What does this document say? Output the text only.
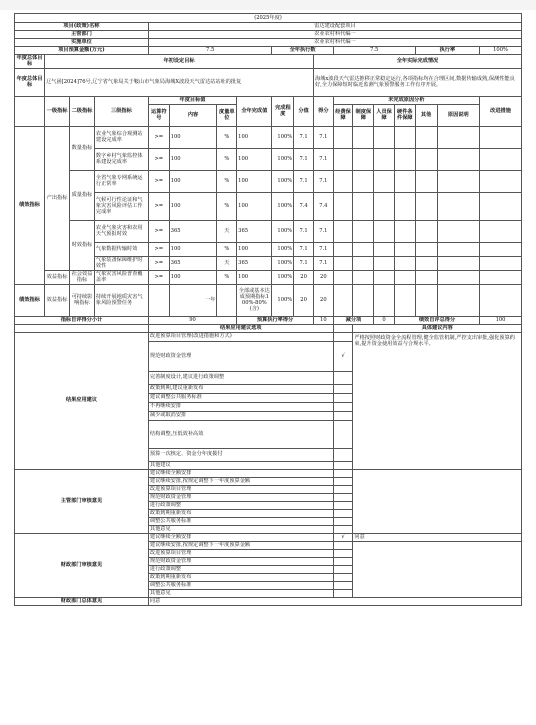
(2025年度)																	
项目(政策)名称				雷达建设配套项目													
主管部门				农业农村科代编一													
实施单位				农业农村科代编一													
项目预算金额(万元)				7.5				全年执行数			7.5				执行率		100%
年度总体目标	年初设定目标									全年实际完成情况							
年度总体目标	辽气函[2024]76号,辽宁省气象局关于鞍山市气象局海城X波段天气雷达站站址的批复									海城x波段天气雷达推移正常稳定运行,各项指标均在合理区间,数据传输成熟,保测性能良好,全力保障短时临近监测气象预警服务工作有序开展。							
	一级指标	二级指标	三级指标	年度目标值			全年完成值	完成程度	分值	得分	未完成原因分析						改进措施
				运算符号	内容	度量单位					经费保障	制度保障	人员保障	硬件条件保障	其他	原因说明	
绩效指标	产出指标	数量指标	农业气象综合观测站建设完成率	>=	100	%	100	100%	7.1	7.1							
			数字乡村气象监控体系建设完成率	>=	100	%	100	100%	7.1	7.1							
		质量指标	全省气象专网系统运行正常率	>=	100	%	100	100%	7.1	7.1							
			气候可行性论证和气象灾害风险评估工作完成率	>=	100	%	100	100%	7.4	7.4							
		时效指标	农业气象灾害和农用天气预报时效	>=	365	天	365	100%	7.1	7.1							
			气象数据传输时效	>=	100	%	100	100%	7.1	7.1							
			气象装备保障维护时效性	>=	365	天	365	100%	7.1	7.1							
	效益指标	社会效益指标	气象灾害风险普查覆盖率	>=	100	%	100	100%	20	20							
绩效指标	效益指标	可持续影响指标	持续开展地质灾害气象风险预警任务		一年		全部或基本达成预期指标100%-80%(含)	100%	20	20							
指标自评得分小计				90			预算执行率得分			10	减分项		0	绩效自评总得分			100
				结果应用建议选项								具体建议内容					
结果应用建议				改进预算项目管理(改进措施和方式)								严格按照财政资金全流程管理,健全监管机制,严控支出审批,强化预算约束,提升资金使用效益与合规水平。					
				规范财政资金管理							√						
				完善制度设计,建议进行政策调整													
				政策到期,建议重新发布													
				建议调整公共服务标准													
				不再继续安排													
				减少或取消安排													
				结构调整,压低效补高效													
				预算一次核定、资金分年度拨付													
				其他建议													
主管部门审核意见				建议继续全额安排													
				建议继续安排,按规定调整下一年度预算金额													
				改进预算项目管理													
				规范财政资金管理													
				进行政策调整													
				政策到期重新发布													
				调整公共服务标准													
				其他意见													
财政部门审核意见				建议继续全额安排							√	同意					
				建议继续安排,按规定调整下一年度预算金额													
				改进预算项目管理													
				规范财政资金管理													
				进行政策调整													
				政策到期重新发布													
				调整公共服务标准													
				其他意见													
财政部门总体意见				同意													
